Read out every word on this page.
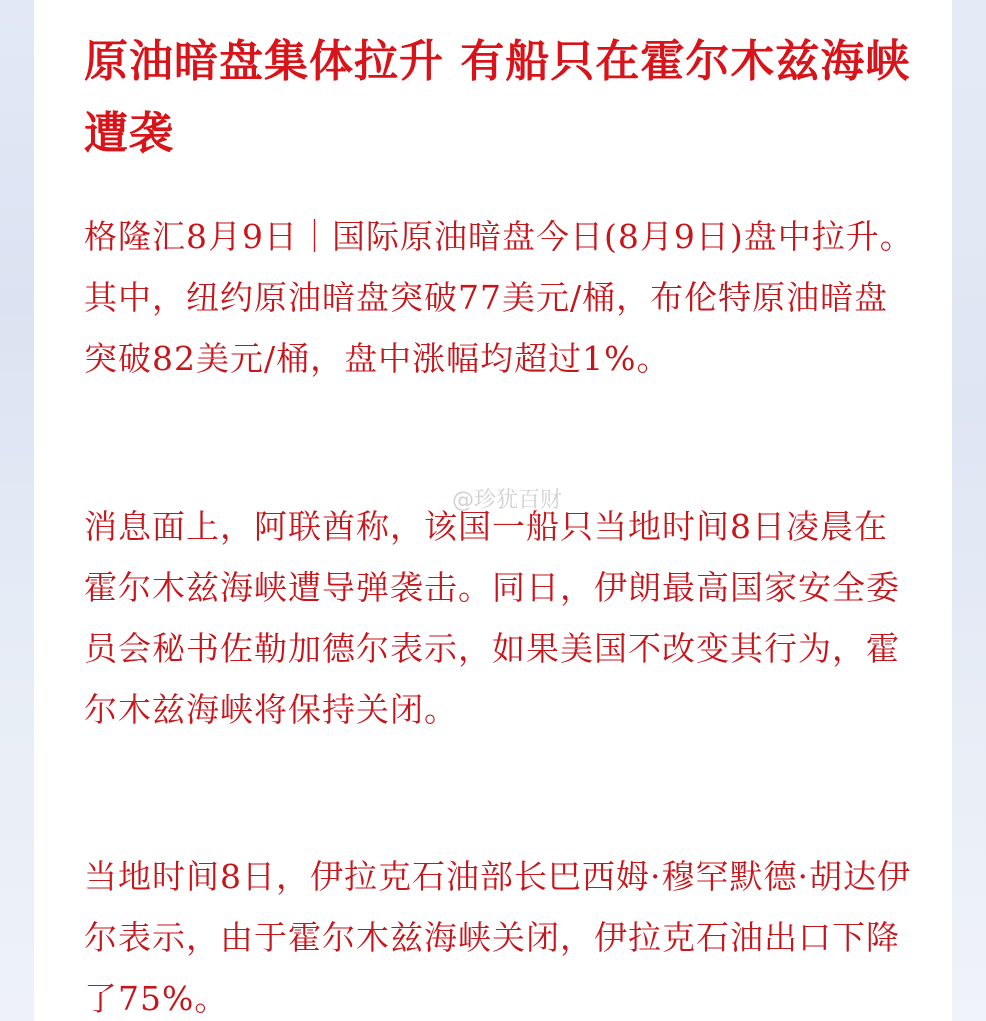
原油暗盘集体拉升 有船只在霍尔木兹海峡遭袭

格隆汇8月9日｜国际原油暗盘今日(8月9日)盘中拉升。其中，纽约原油暗盘突破77美元/桶，布伦特原油暗盘突破82美元/桶，盘中涨幅均超过1%。

消息面上，阿联酋称，该国一船只当地时间8日凌晨在霍尔木兹海峡遭导弹袭击。同日，伊朗最高国家安全委员会秘书佐勒加德尔表示，如果美国不改变其行为，霍尔木兹海峡将保持关闭。

当地时间8日，伊拉克石油部长巴西姆·穆罕默德·胡达伊尔表示，由于霍尔木兹海峡关闭，伊拉克石油出口下降了75%。

@珍犹百财
